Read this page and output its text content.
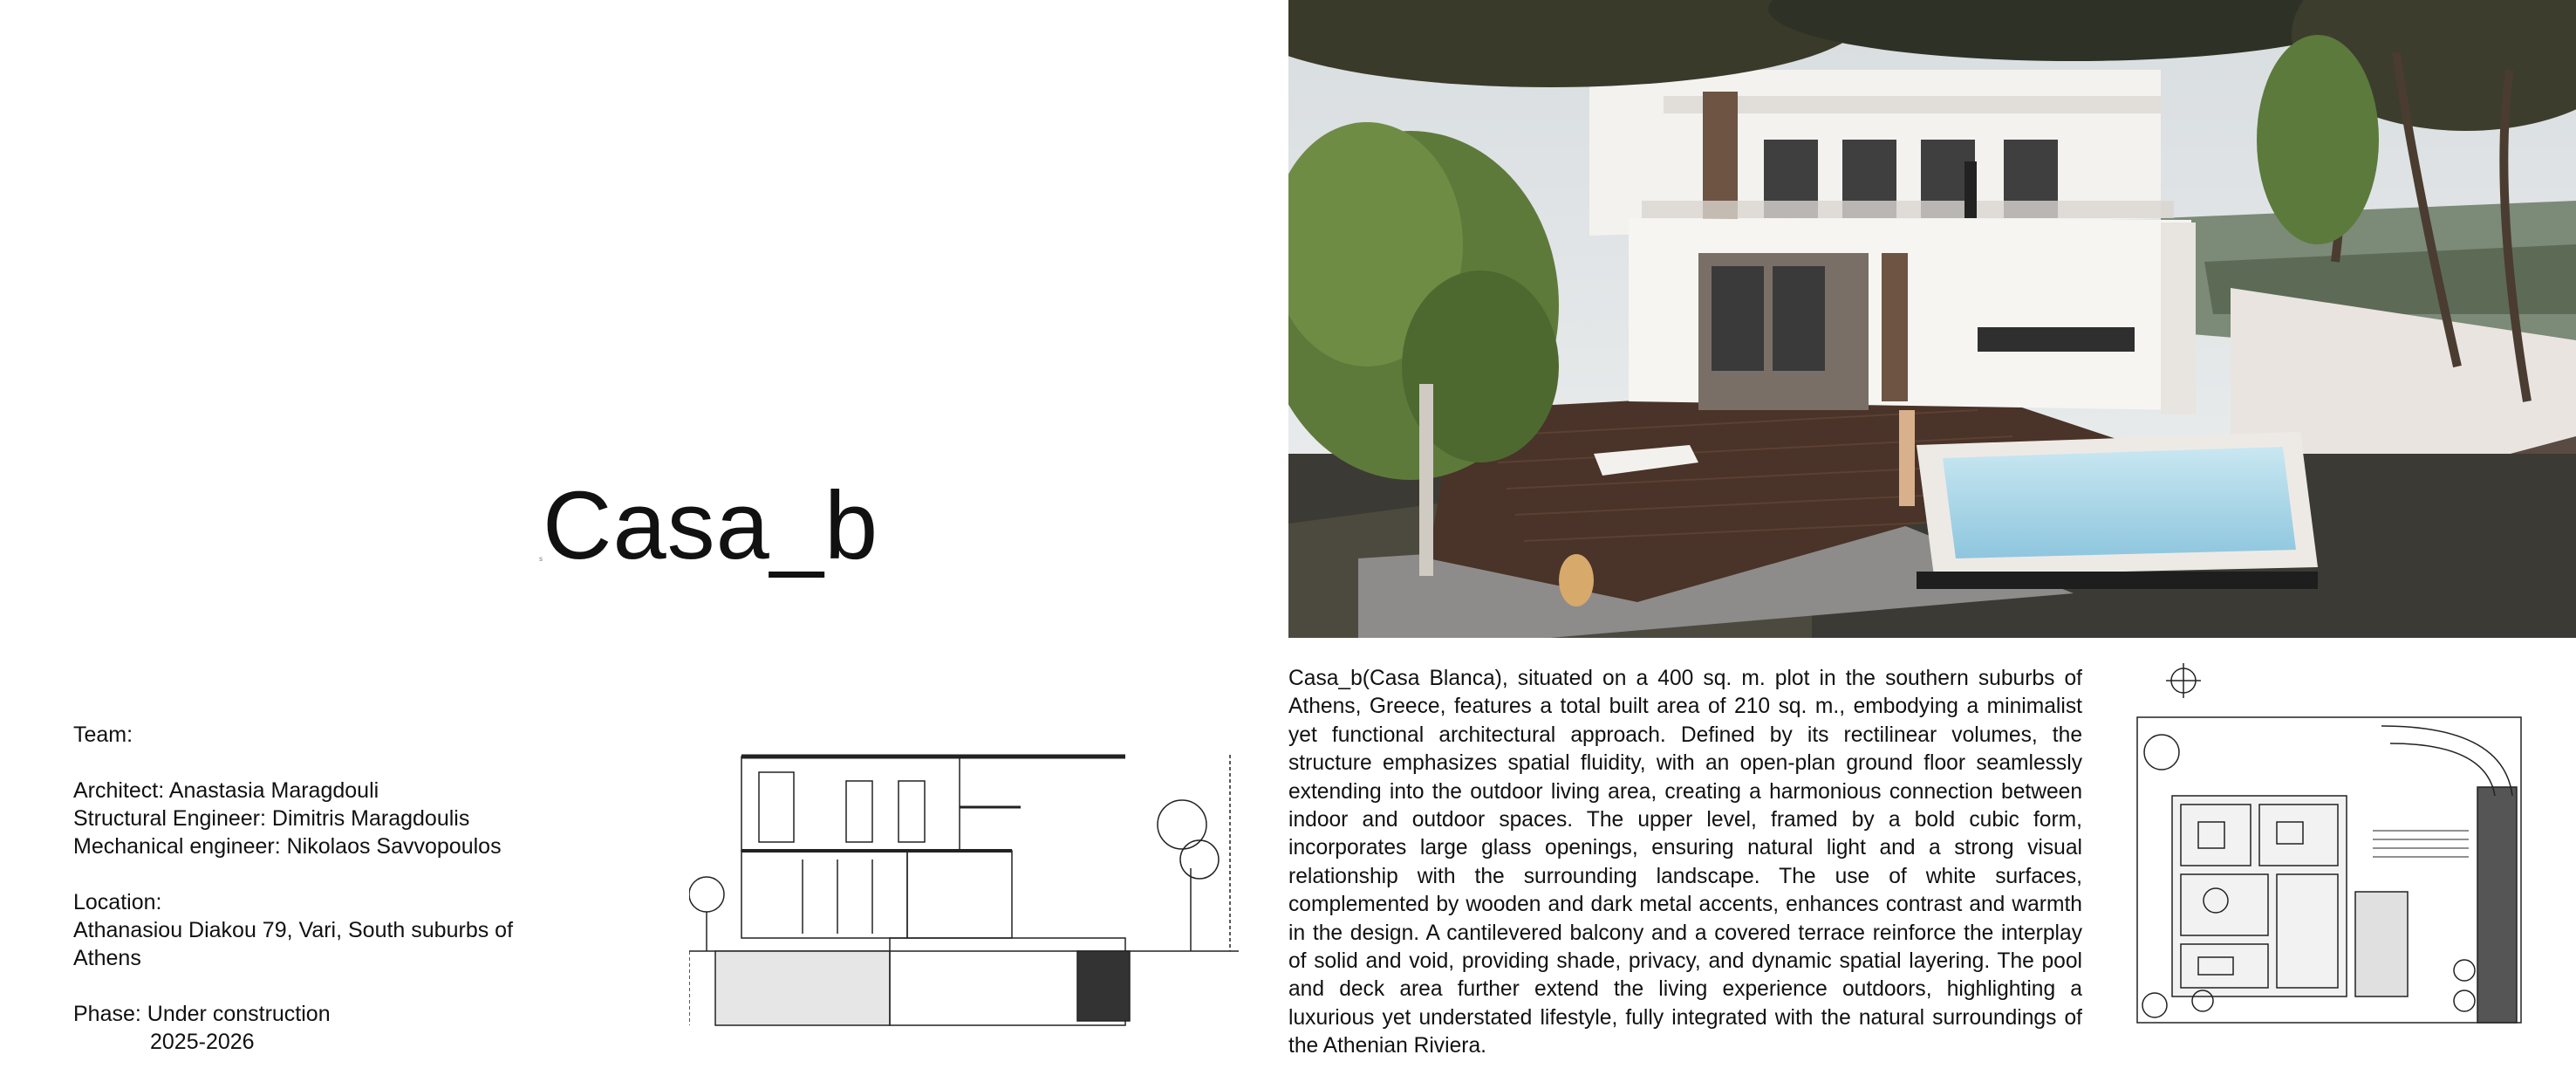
s Casa_b
Team:
Architect: Anastasia Maragdouli
Structural Engineer: Dimitris Maragdoulis
Mechanical engineer: Nikolaos Savvopoulos
Location:
Athanasiou Diakou 79, Vari, South suburbs of
Athens
Phase: Under construction
2025-2026
Casa_b(Casa Blanca), situated on a 400 sq. m. plot in the southern suburbs of Athens, Greece, features a total built area of 210 sq. m., embodying a minimalist yet functional architectural approach. Defined by its rectilinear volumes, the structure emphasizes spatial fluidity, with an open-plan ground floor seamlessly extending into the outdoor living area, creating a harmonious connection between indoor and outdoor spaces. The upper level, framed by a bold cubic form, incorporates large glass openings, ensuring natural light and a strong visual relationship with the surrounding landscape. The use of white surfaces, complemented by wooden and dark metal accents, enhances contrast and warmth in the design. A cantilevered balcony and a covered terrace reinforce the interplay of solid and void, providing shade, privacy, and dynamic spatial layering. The pool and deck area further extend the living experience outdoors, highlighting a luxurious yet understated lifestyle, fully integrated with the natural surroundings of the Athenian Riviera.
